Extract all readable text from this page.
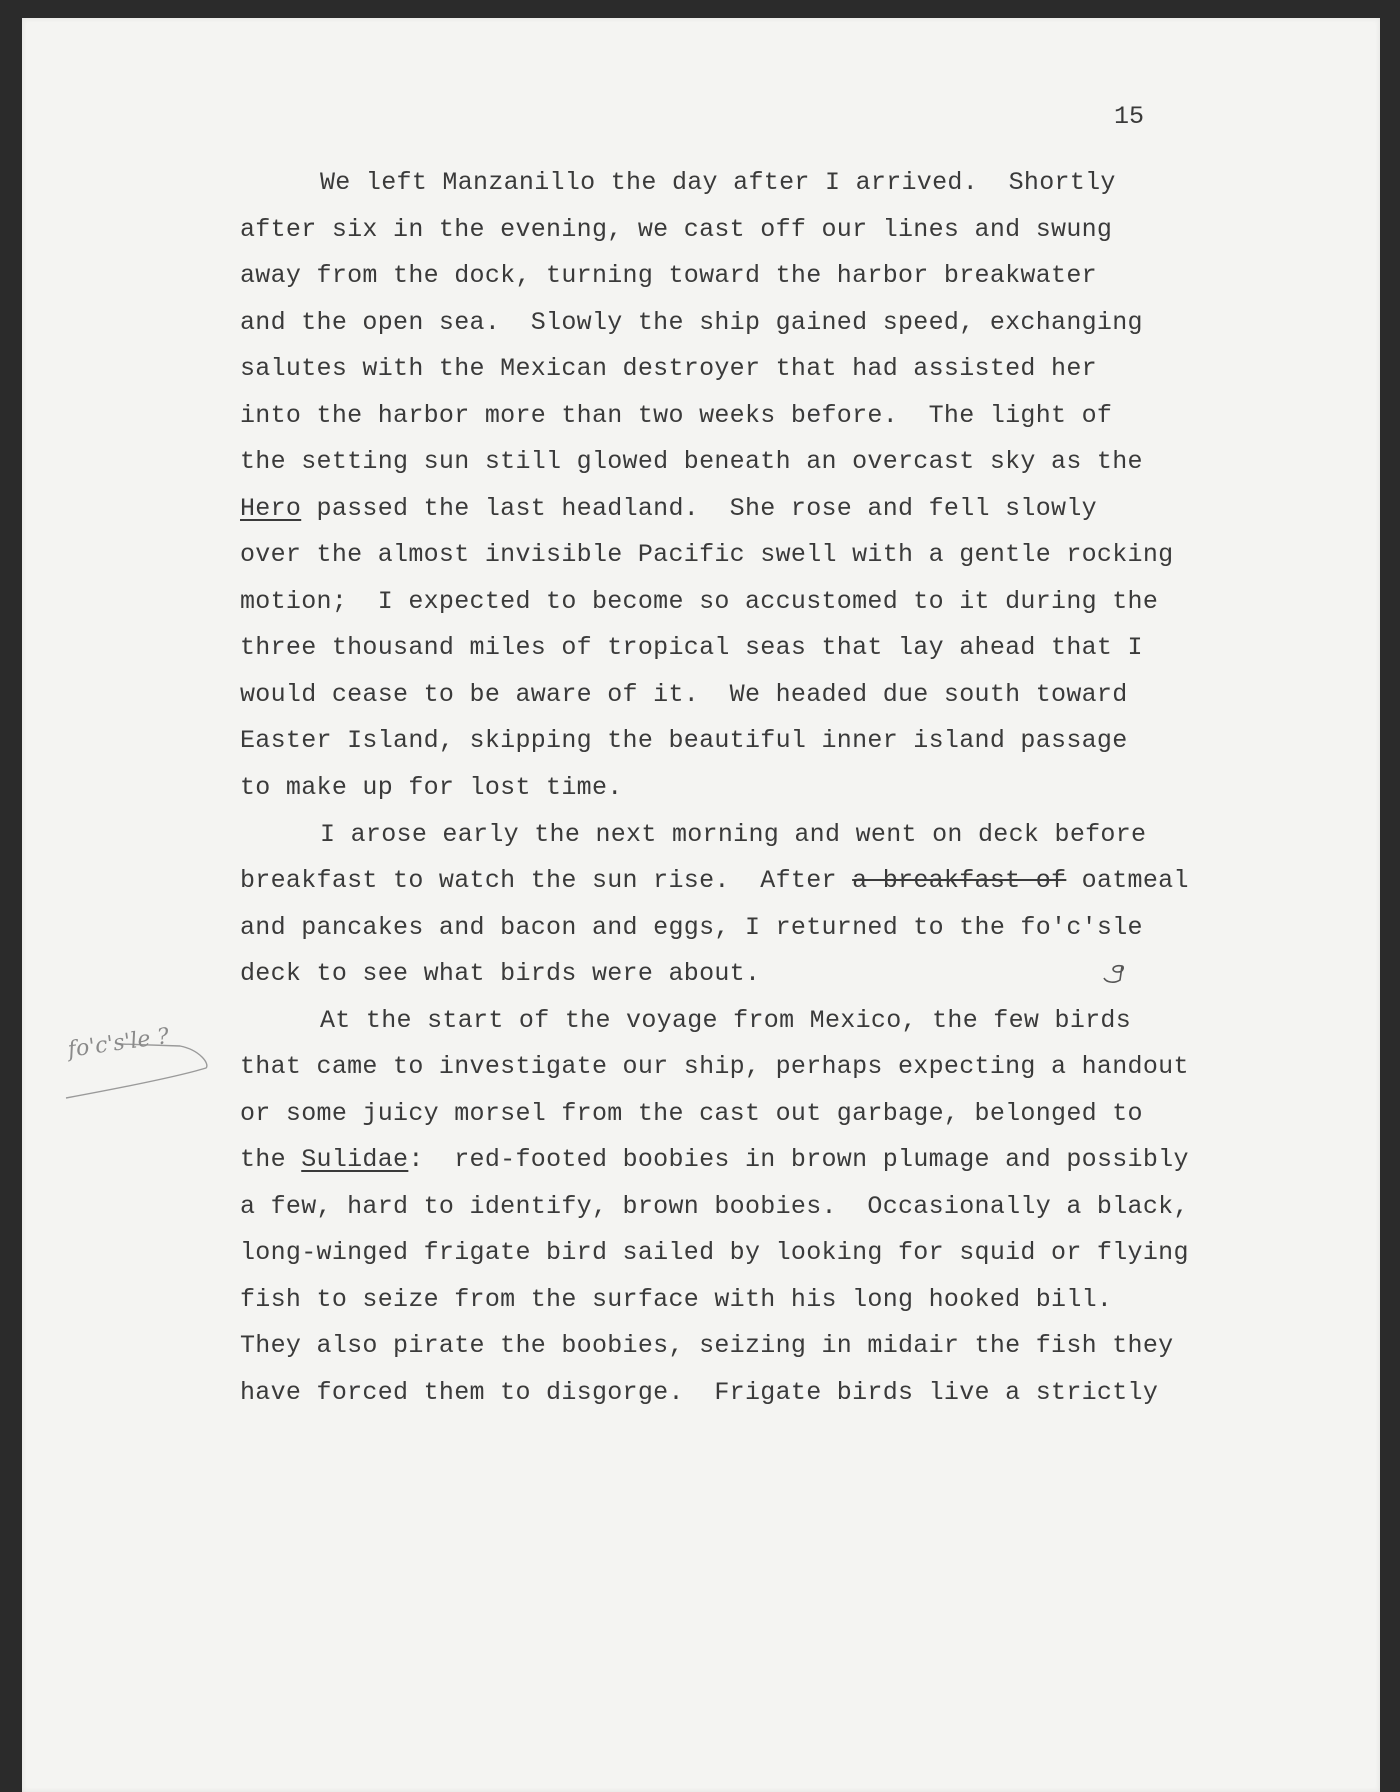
15
fo'c's'le ?
We left Manzanillo the day after I arrived.  Shortly
after six in the evening, we cast off our lines and swung
away from the dock, turning toward the harbor breakwater
and the open sea.  Slowly the ship gained speed, exchanging
salutes with the Mexican destroyer that had assisted her
into the harbor more than two weeks before.  The light of
the setting sun still glowed beneath an overcast sky as the
Hero passed the last headland.  She rose and fell slowly
over the almost invisible Pacific swell with a gentle rocking
motion;  I expected to become so accustomed to it during the
three thousand miles of tropical seas that lay ahead that I
would cease to be aware of it.  We headed due south toward
Easter Island, skipping the beautiful inner island passage
to make up for lost time.
I arose early the next morning and went on deck before
breakfast to watch the sun rise.  After a breakfast of oatmeal
and pancakes and bacon and eggs, I returned to the fo'c'sle
deck to see what birds were about.
At the start of the voyage from Mexico, the few birds
that came to investigate our ship, perhaps expecting a handout
or some juicy morsel from the cast out garbage, belonged to
the Sulidae:  red-footed boobies in brown plumage and possibly
a few, hard to identify, brown boobies.  Occasionally a black,
long-winged frigate bird sailed by looking for squid or flying
fish to seize from the surface with his long hooked bill.
They also pirate the boobies, seizing in midair the fish they
have forced them to disgorge.  Frigate birds live a strictly
